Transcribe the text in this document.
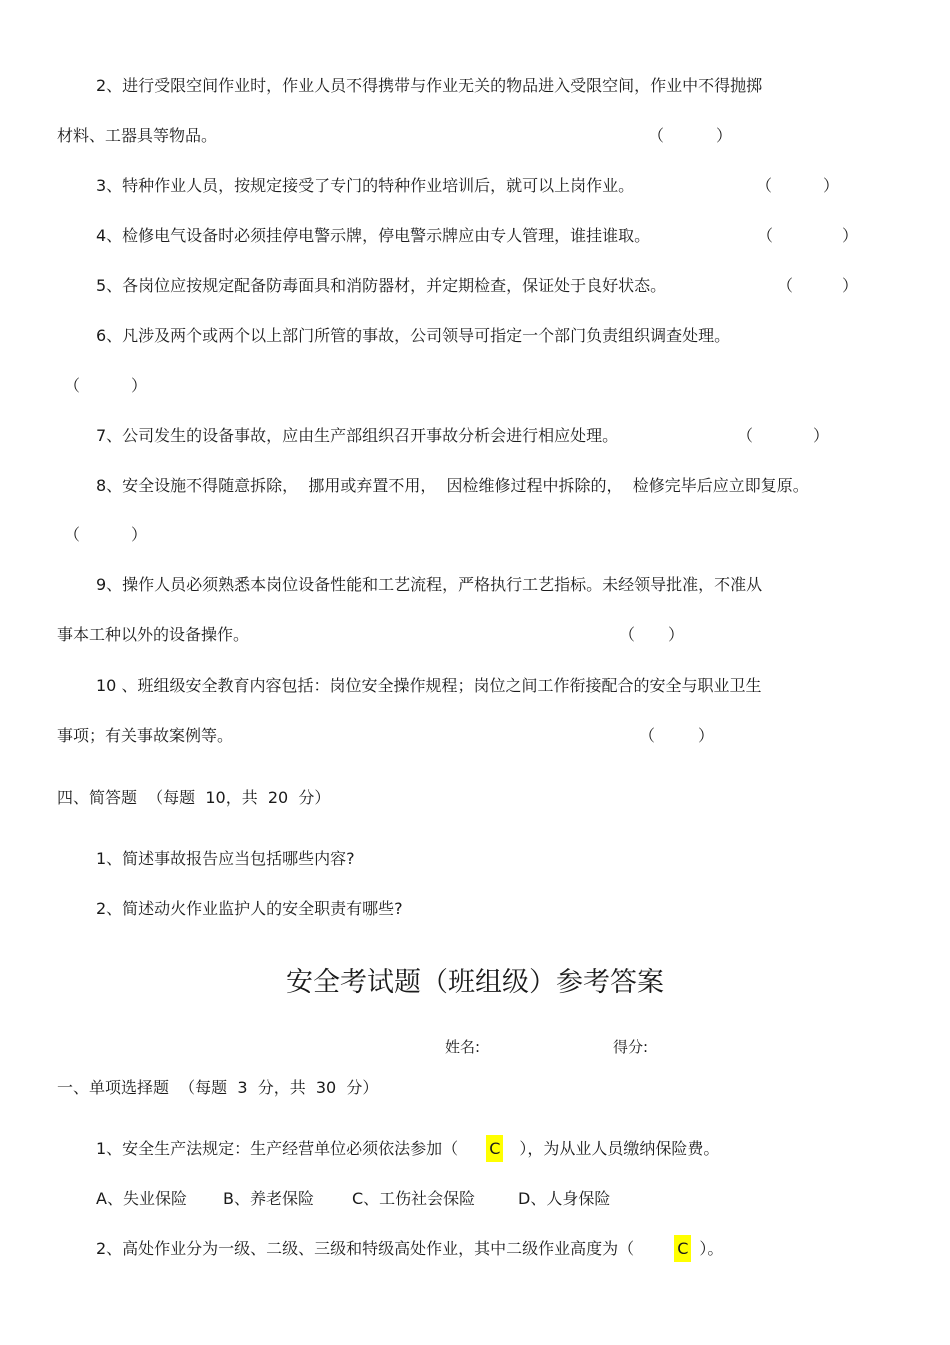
2、进行受限空间作业时，作业人员不得携带与作业无关的物品进入受限空间，作业中不得抛掷
材料、工器具等物品。	（	）
3、特种作业人员，按规定接受了专门的特种作业培训后，就可以上岗作业。	（	）
4、检修电气设备时必须挂停电警示牌，停电警示牌应由专人管理，谁挂谁取。	（	）
5、各岗位应按规定配备防毒面具和消防器材，并定期检查，保证处于良好状态。	（	）
6、凡涉及两个或两个以上部门所管的事故，公司领导可指定一个部门负责组织调查处理。
（	）
7、公司发生的设备事故，应由生产部组织召开事故分析会进行相应处理。	（	）
8、安全设施不得随意拆除，  挪用或弃置不用，  因检维修过程中拆除的，  检修完毕后应立即复原。
（	）
9、操作人员必须熟悉本岗位设备性能和工艺流程，严格执行工艺指标。未经领导批准，不准从
事本工种以外的设备操作。	（ ）
10 、班组级安全教育内容包括：岗位安全操作规程；岗位之间工作衔接配合的安全与职业卫生
事项；有关事故案例等。	（	）
四、简答题  （每题  10，共  20  分）
1、简述事故报告应当包括哪些内容?
2、简述动火作业监护人的安全职责有哪些?
安全考试题（班组级）参考答案
姓名:	得分:
一、单项选择题  （每题  3  分，共  30  分）
1、安全生产法规定：生产经营单位必须依法参加（ C ），为从业人员缴纳保险费。
A、失业保险 B、养老保险 C、工伤社会保险	D、人身保险
2、高处作业分为一级、二级、三级和特级高处作业，其中二级作业高度为（	C ）。
